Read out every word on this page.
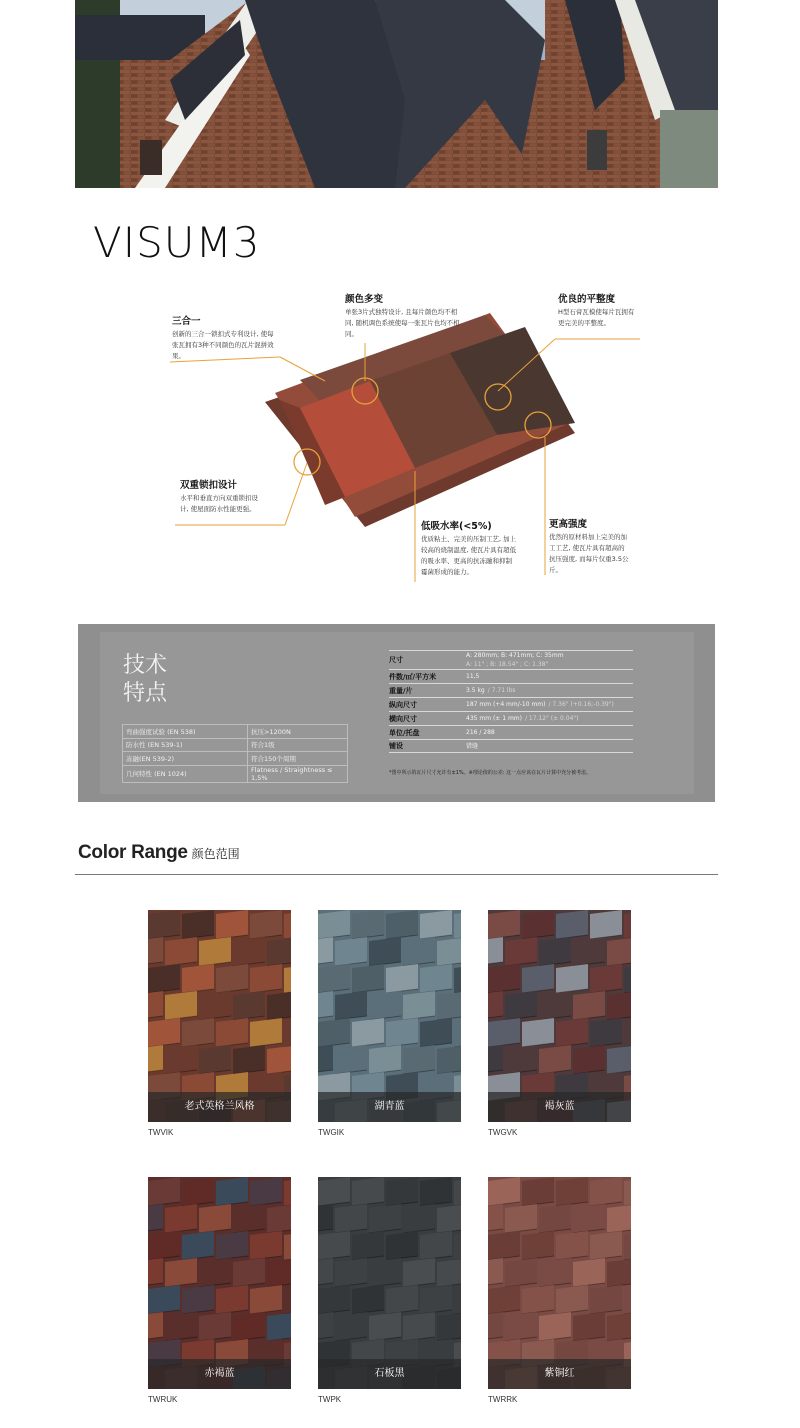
VISUM3
三合一
创新的三合一锁扣式专利设计, 使每张瓦拥有3种不同颜色的瓦片混拼效果。
颜色多变
单张3片式独特设计, 且每片颜色均不相同, 随机调色系统使每一张瓦片也均不相同。
优良的平整度
H型石膏瓦模使每片瓦拥有更完美的平整度。
双重锁扣设计
水平和垂直方向双重锁扣设计, 使屋面防水性能更强。
低吸水率(<5%)
优质粘土、完美的压制工艺, 加上较高的烧制温度, 使瓦片具有超低的吸水率、更高的抗冻融和抑制霉菌形成的能力。
更高强度
优然的原材料加上完美的加工工艺, 使瓦片具有超高的抗压强度, 而每片仅重3.5公斤。
技术特点
弯曲强度试验 (EN 538)	抗压>1200N
防水性 (EN 539-1)	符合1级
冻融(EN 539-2)	符合150个周期
几何特性 (EN 1024)	Flatness / Straightness ≤ 1,5%
尺寸
A: 280mm; B: 471mm; C: 35mm
A: 11" ; B: 18.54" ; C: 1.38"
件数/㎡/平方米	11,5
重量/片	3.5 kg / 7.71 lbs
纵向尺寸	187 mm (+4 mm/-10 mm) / 7.36" (+0.16;-0.39")
横向尺寸	435 mm (± 1 mm) / 17.12" (± 0.04")
单位/托盘	216 / 288
铺设	错缝
*图中所示的瓦片尺寸允许有±1%。※理论值的公差: 这一点应该在瓦片计算中充分被考虑。
Color Range 颜色范围
老式英格兰风格
TWVIK
湖青蓝
TWGIK
褐灰蓝
TWGVK
赤褐蓝
TWRUK
石板黑
TWPK
紫铜红
TWRRK
